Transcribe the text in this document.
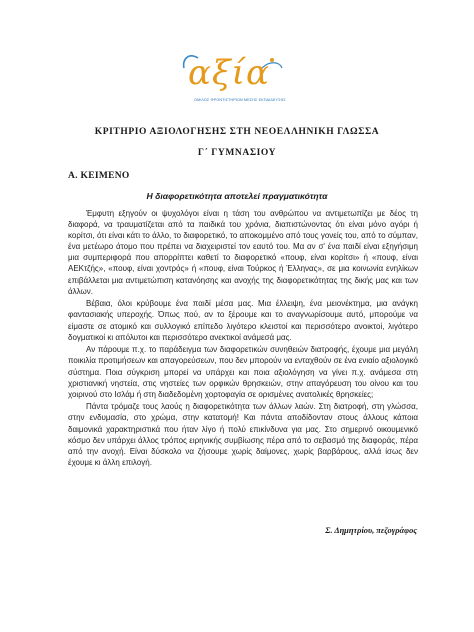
αξία
ΟΜΙΛΟΣ ΦΡΟΝΤΙΣΤΗΡΙΩΝ ΜΕΣΗΣ ΕΚΠΑΙΔΕΥΣΗΣ
ΚΡΙΤΗΡΙΟ ΑΞΙΟΛΟΓΗΣΗΣ ΣΤΗ ΝΕΟΕΛΛΗΝΙΚΗ ΓΛΩΣΣΑ
Γ΄ ΓΥΜΝΑΣΙΟΥ
Α. ΚΕΙΜΕΝΟ
Η διαφορετικότητα αποτελεί πραγματικότητα

Έμφυτη εξηγούν οι ψυχολόγοι είναι η τάση του ανθρώπου να αντιμετωπίζει με δέος τη διαφορά, να τραυματίζεται από τα παιδικά του χρόνια, διαπιστώνοντας ότι είναι μόνο αγόρι ή κορίτσι, ότι είναι κάτι το άλλο, το διαφορετικό, το αποκομμένο από τους γονείς του, από το σύμπαν, ένα μετέωρο άτομο που πρέπει να διαχειριστεί τον εαυτό του. Μα αν σ' ένα παιδί είναι εξηγήσιμη μια συμπεριφορά που απορρίπτει καθετί το διαφορετικό «πουφ, είναι κορίτσι» ή «πουφ, είναι ΑΕΚτζής», «πουφ, είναι χοντρός» ή «πουφ, είναι Τούρκος ή Έλληνας», σε μια κοινωνία ενηλίκων επιβάλλεται μια αντιμετώπιση κατανόησης και ανοχής της διαφορετικότητας της δικής μας και των άλλων.

Βέβαια, όλοι κρύβουμε ένα παιδί μέσα μας. Μια έλλειψη, ένα μειονέκτημα, μια ανάγκη φαντασιακής υπεροχής. Όπως πού, αν το ξέρουμε και το αναγνωρίσουμε αυτό, μπορούμε να είμαστε σε ατομικό και συλλογικό επίπεδο λιγότερο κλειστοί και περισσότερο ανοικτοί, λιγότερο δογματικοί κι απόλυτοι και περισσότερο ανεκτικοί ανάμεσά μας.

Αν πάρουμε π.χ. το παράδειγμα των διαφορετικών συνηθειών διατροφής, έχουμε μια μεγάλη ποικιλία προτιμήσεων και απαγορεύσεων, που δεν μπορούν να ενταχθούν σε ένα ενιαίο αξιολογικό σύστημα. Ποια σύγκριση μπορεί να υπάρχει και ποια αξιολόγηση να γίνει π.χ. ανάμεσα στη χριστιανική νηστεία, στις νηστείες των ορφικών θρησκειών, στην απαγόρευση του οίνου και του χοιρινού στο Ισλάμ ή στη διαδεδομένη χορτοφαγία σε ορισμένες ανατολικές θρησκείες;

Πάντα τρόμαζε τους λαούς η διαφορετικότητα των άλλων λαών. Στη διατροφή, στη γλώσσα, στην ενδυμασία, στο χρώμα, στην κατατομή! Και πάντα αποδίδονταν στους άλλους κάποια δαιμονικά χαρακτηριστικά που ήταν λίγο ή πολύ επικίνδυνα για μας. Στο σημερινό οικουμενικό κόσμο δεν υπάρχει άλλος τρόπος ειρηνικής συμβίωσης πέρα από το σεβασμό της διαφοράς, πέρα από την ανοχή. Είναι δύσκολο να ζήσουμε χωρίς δαίμονες, χωρίς βαρβάρους, αλλά ίσως δεν έχουμε κι άλλη επιλογή.

Σ. Δημητρίου, πεζογράφος
